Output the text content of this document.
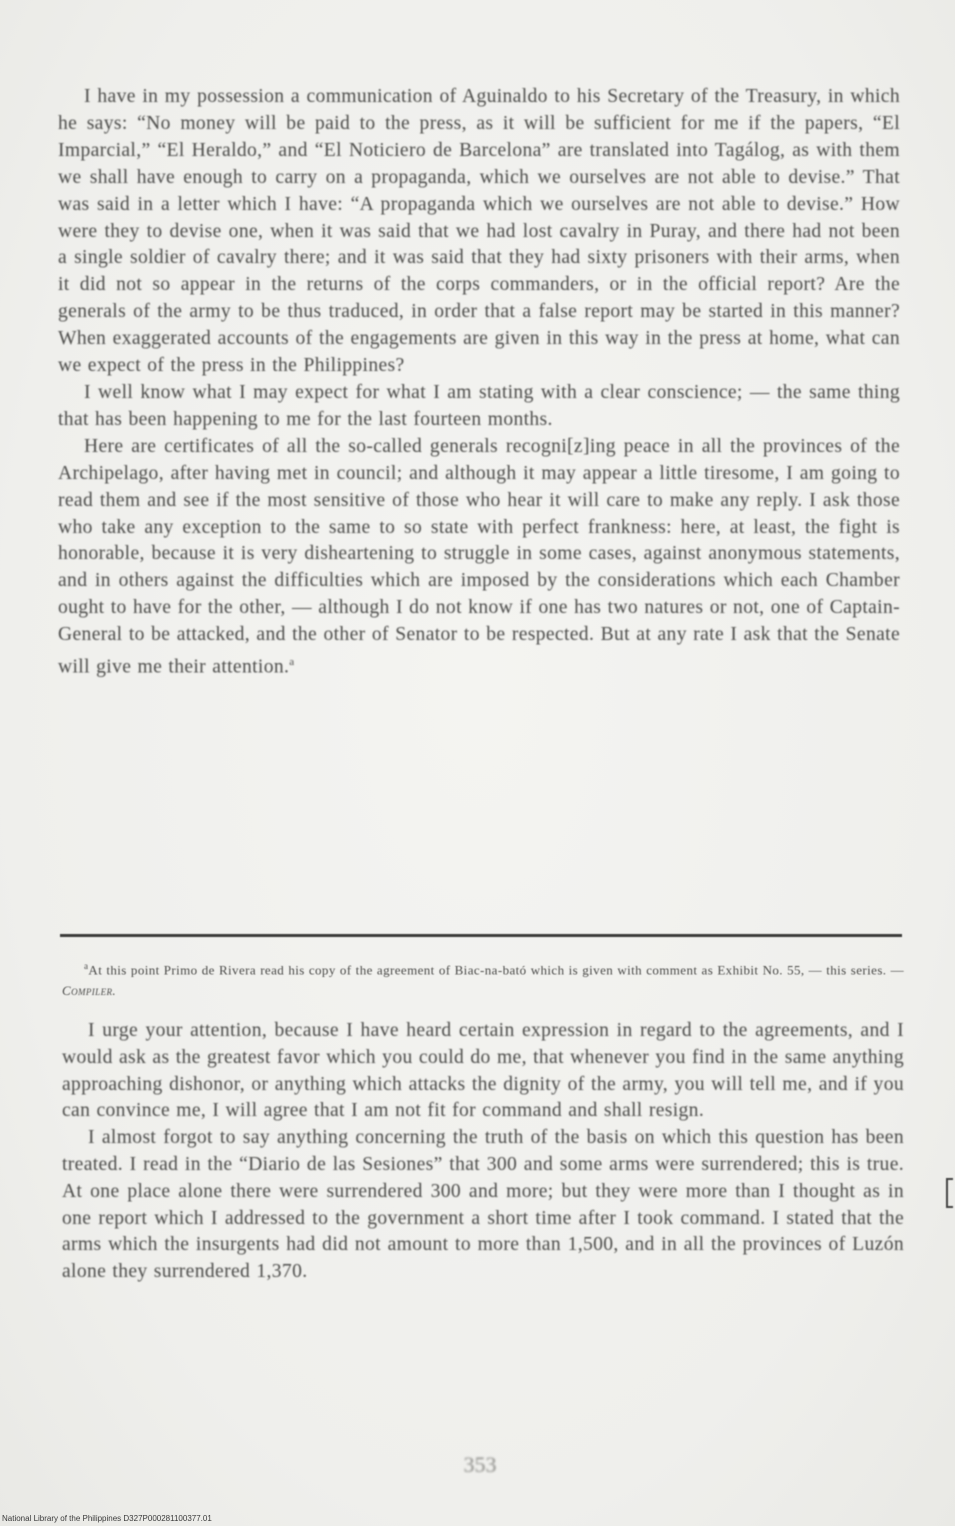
I have in my possession a communication of Aguinaldo to his Secretary of the Treasury, in which he says: “No money will be paid to the press, as it will be sufficient for me if the papers, “El Imparcial,” “El Heraldo,” and “El Noticiero de Barcelona” are translated into Tagálog, as with them we shall have enough to carry on a propaganda, which we ourselves are not able to devise.” That was said in a letter which I have: “A propaganda which we ourselves are not able to devise.” How were they to devise one, when it was said that we had lost cavalry in Puray, and there had not been a single soldier of cavalry there; and it was said that they had sixty prisoners with their arms, when it did not so appear in the returns of the corps commanders, or in the official report? Are the generals of the army to be thus traduced, in order that a false report may be started in this manner? When exaggerated accounts of the engagements are given in this way in the press at home, what can we expect of the press in the Philippines?

I well know what I may expect for what I am stating with a clear conscience; — the same thing that has been happening to me for the last fourteen months.

Here are certificates of all the so-called generals recogni[z]ing peace in all the provinces of the Archipelago, after having met in council; and although it may appear a little tiresome, I am going to read them and see if the most sensitive of those who hear it will care to make any reply. I ask those who take any exception to the same to so state with perfect frankness: here, at least, the fight is honorable, because it is very disheartening to struggle in some cases, against anonymous statements, and in others against the difficulties which are imposed by the considerations which each Chamber ought to have for the other, — although I do not know if one has two natures or not, one of Captain-General to be attacked, and the other of Senator to be respected. But at any rate I ask that the Senate will give me their attention.$^a$

$^a$At this point Primo de Rivera read his copy of the agreement of Biac-na-bató which is given with comment as Exhibit No. 55, — this series. — Compiler.

I urge your attention, because I have heard certain expression in regard to the agreements, and I would ask as the greatest favor which you could do me, that whenever you find in the same anything approaching dishonor, or anything which attacks the dignity of the army, you will tell me, and if you can convince me, I will agree that I am not fit for command and shall resign.

I almost forgot to say anything concerning the truth of the basis on which this question has been treated. I read in the “Diario de las Sesiones” that 300 and some arms were surrendered; this is true. At one place alone there were surrendered 300 and more; but they were more than I thought as in one report which I addressed to the government a short time after I took command. I stated that the arms which the insurgents had did not amount to more than 1,500, and in all the provinces of Luzón alone they surrendered 1,370.

353
National Library of the Philippines D327P000281100377.01
